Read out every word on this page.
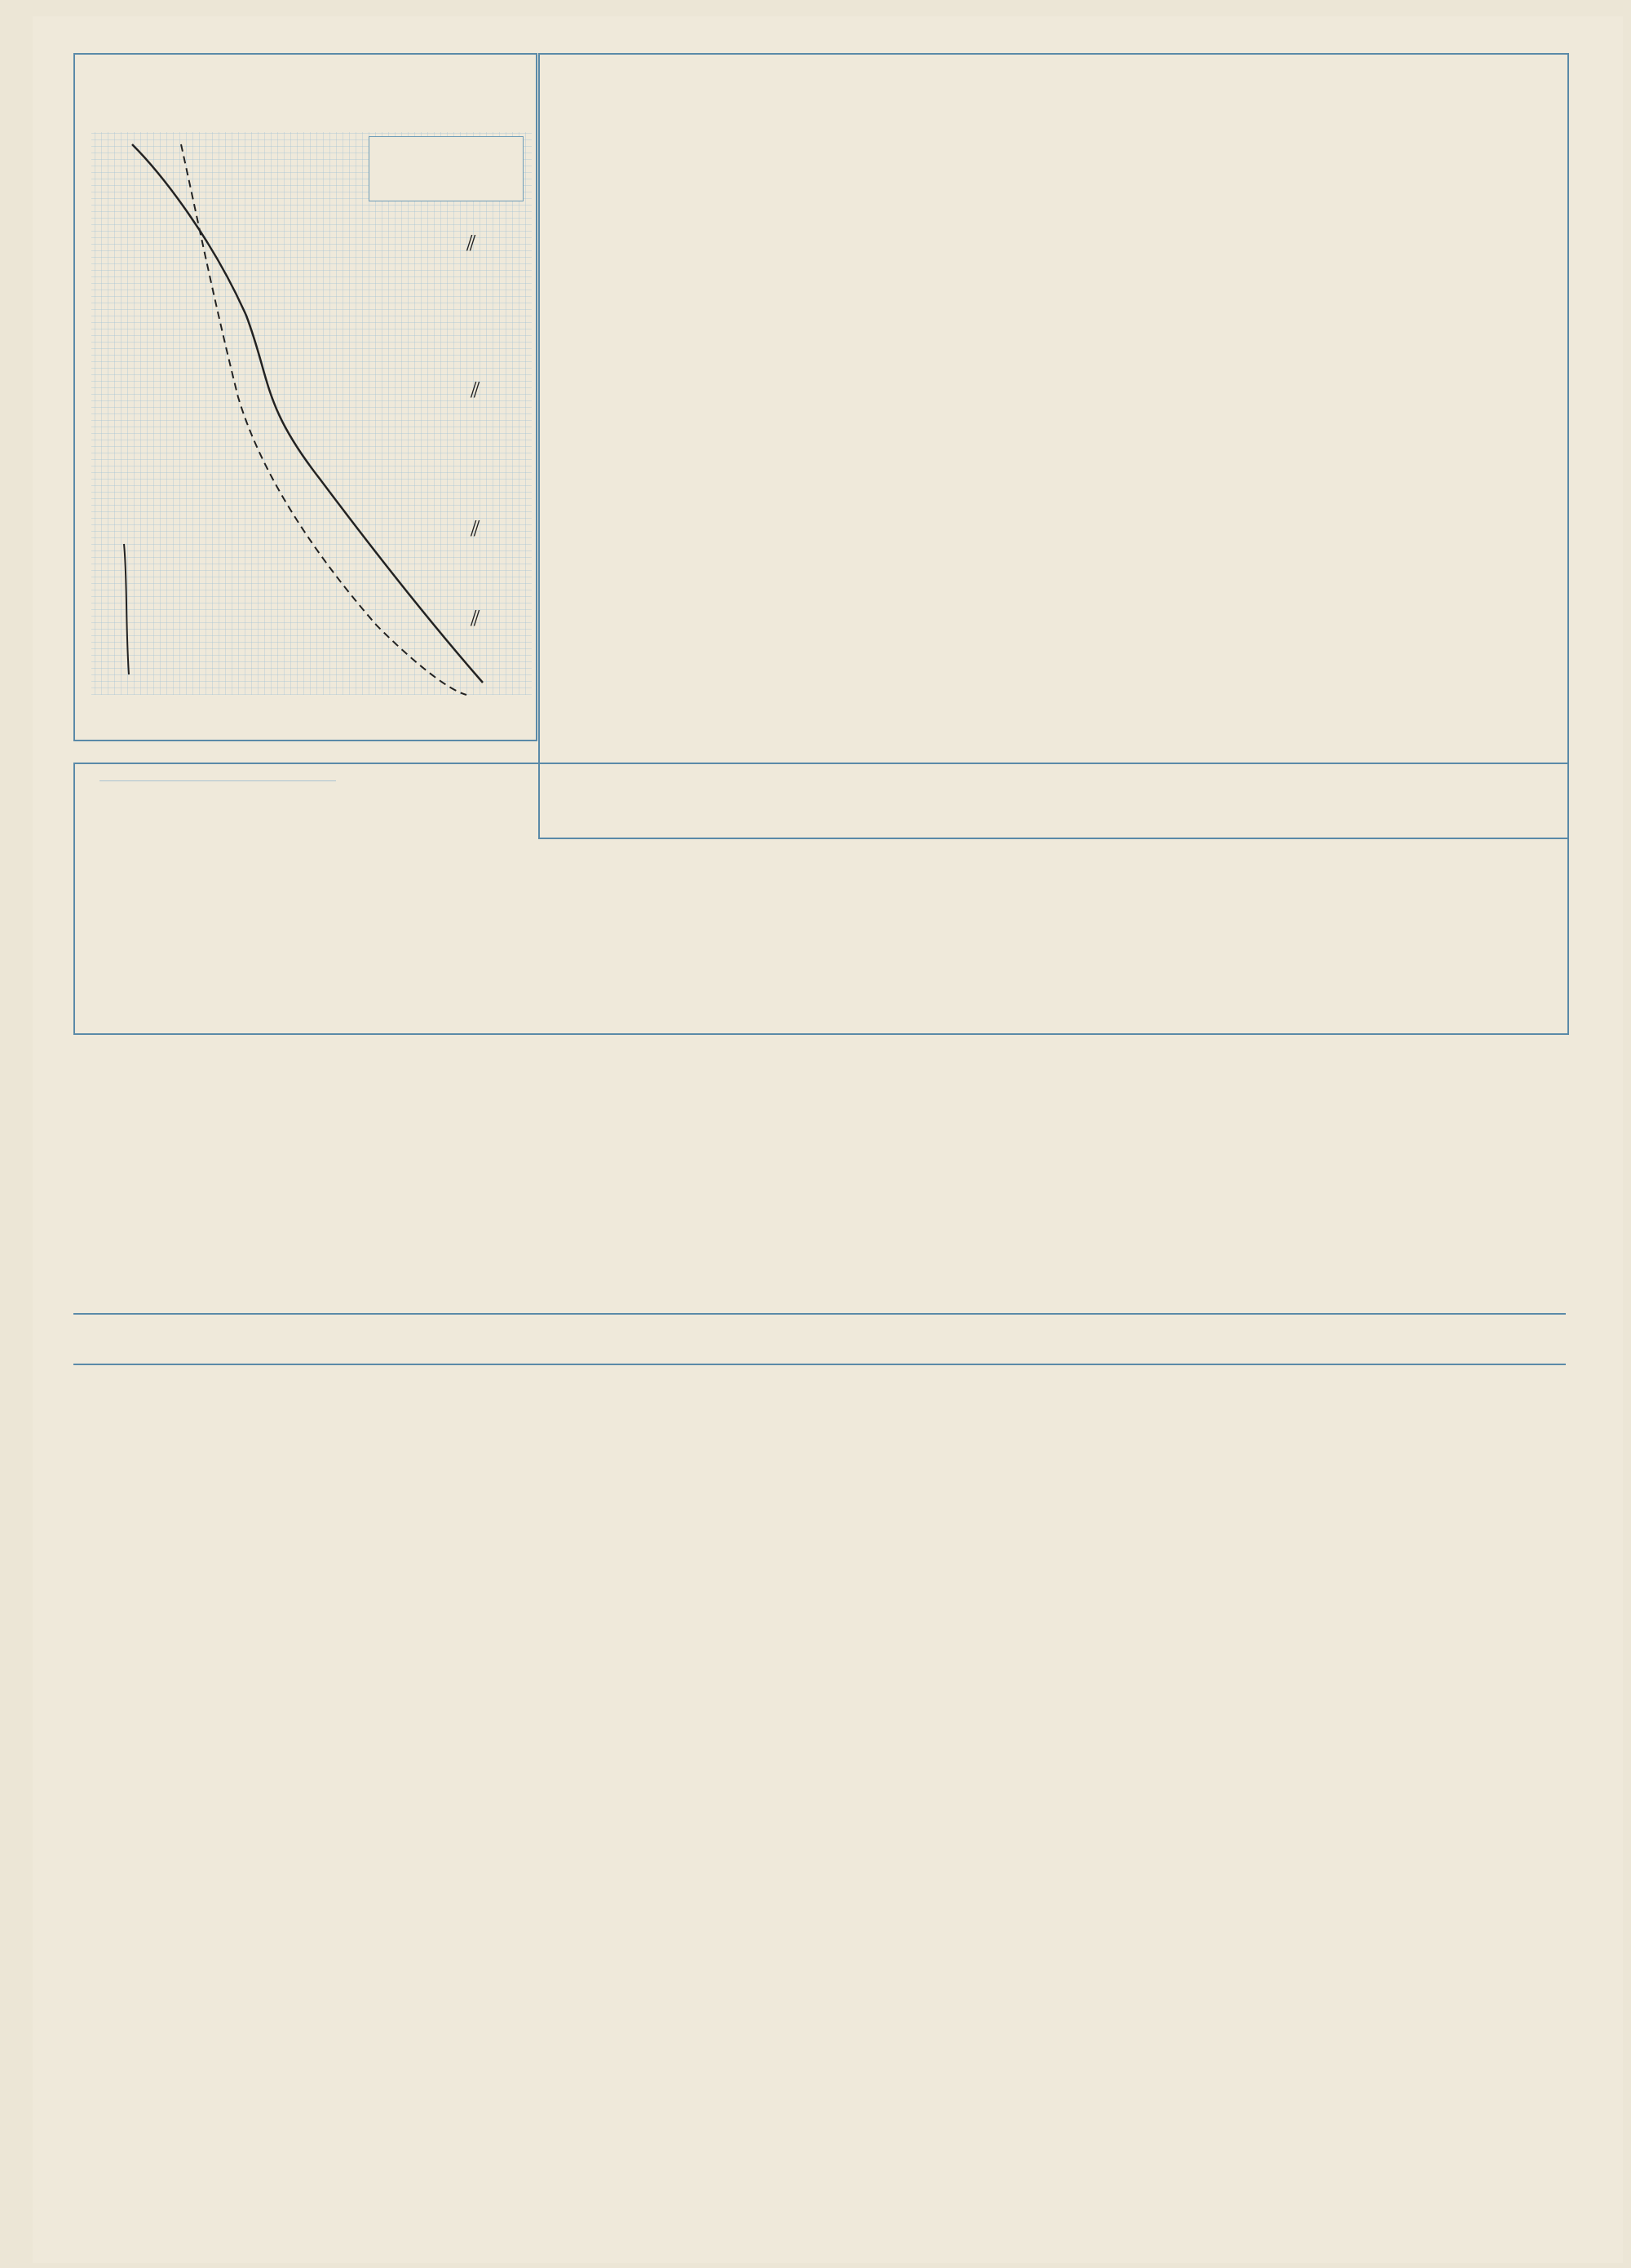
⫽
⫽
⫽
⫽
